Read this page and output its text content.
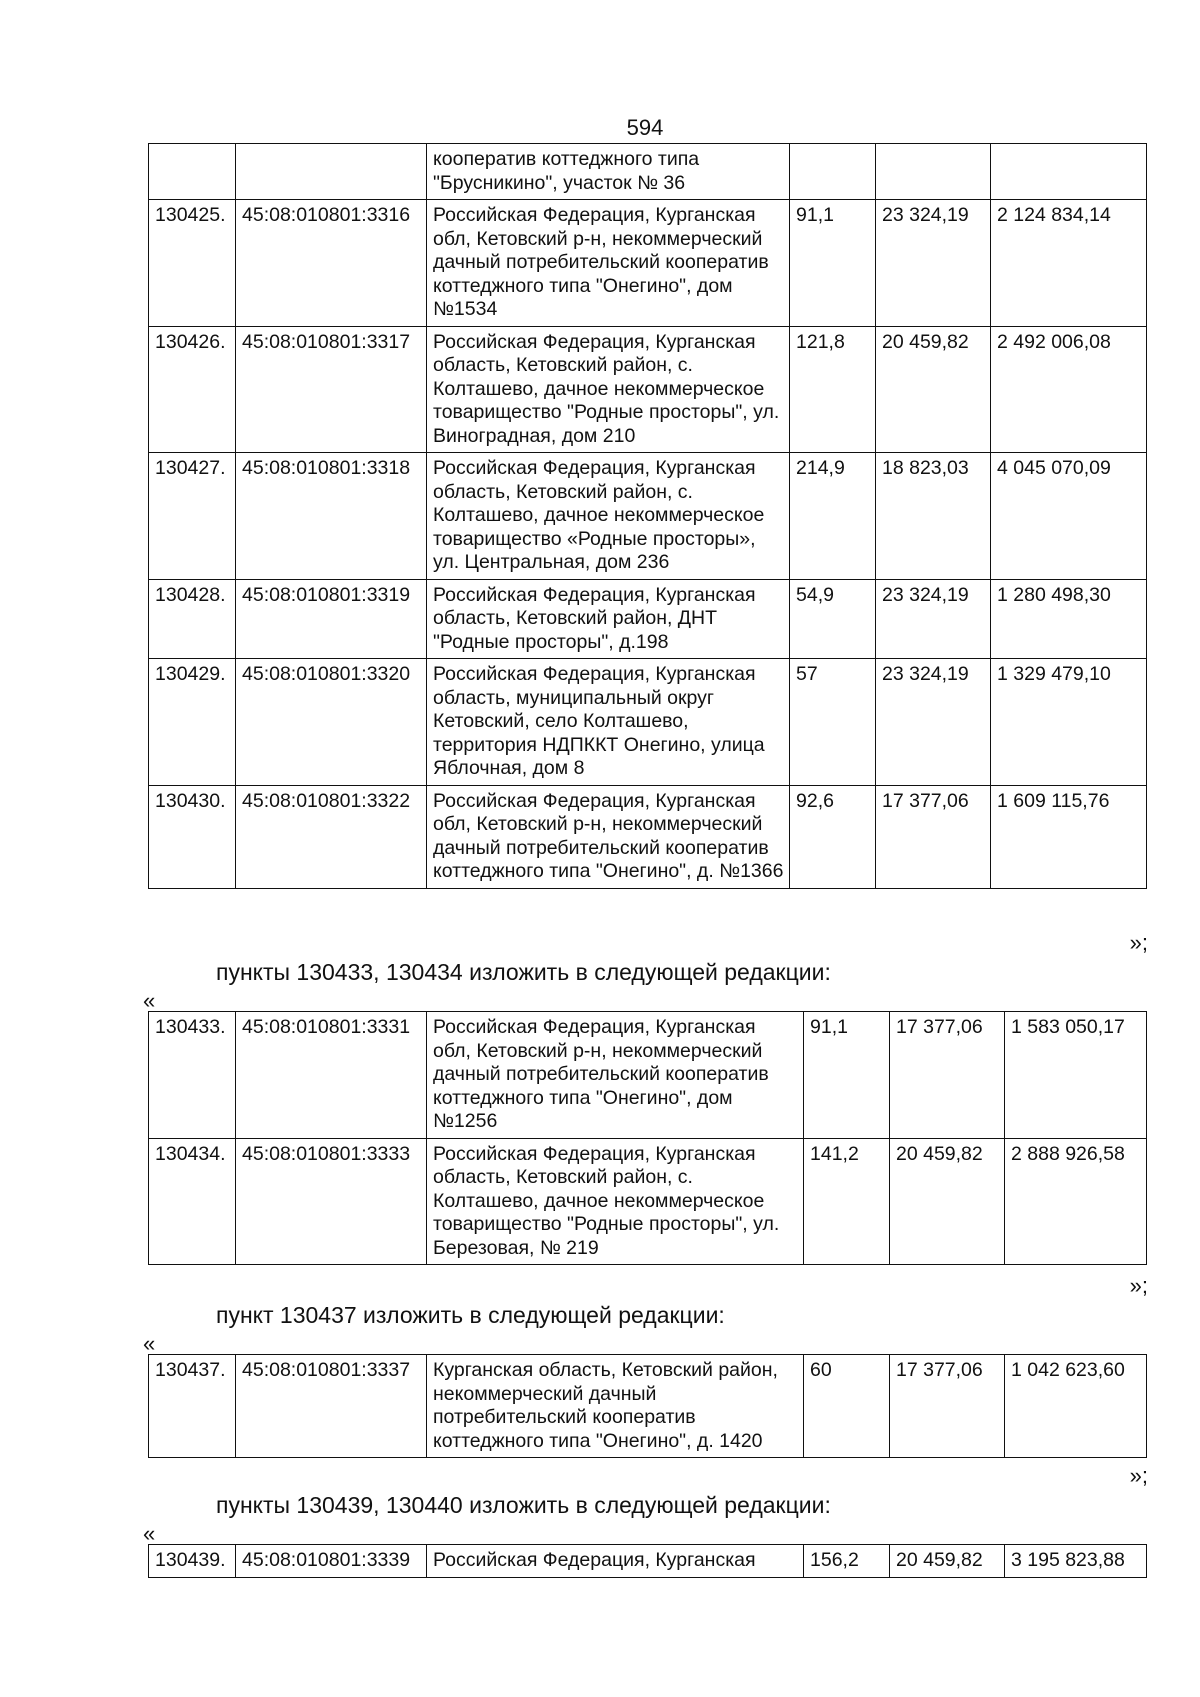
594
		кооператив коттеджного типа "Брусникино", участок № 36			
130425.	45:08:010801:3316	Российская Федерация, Курганская обл, Кетовский р-н, некоммерческий дачный потребительский кооператив коттеджного типа "Онегино", дом №1534	91,1	23 324,19	2 124 834,14
130426.	45:08:010801:3317	Российская Федерация, Курганская область, Кетовский район, с. Колташево, дачное некоммерческое товарищество "Родные просторы", ул. Виноградная, дом 210	121,8	20 459,82	2 492 006,08
130427.	45:08:010801:3318	Российская Федерация, Курганская область, Кетовский район, с. Колташево, дачное некоммерческое товарищество «Родные просторы», ул. Центральная, дом 236	214,9	18 823,03	4 045 070,09
130428.	45:08:010801:3319	Российская Федерация, Курганская область, Кетовский район, ДНТ "Родные просторы", д.198	54,9	23 324,19	1 280 498,30
130429.	45:08:010801:3320	Российская Федерация, Курганская область, муниципальный округ Кетовский, село Колташево, территория НДПККТ Онегино, улица Яблочная, дом 8	57	23 324,19	1 329 479,10
130430.	45:08:010801:3322	Российская Федерация, Курганская обл, Кетовский р-н, некоммерческий дачный потребительский кооператив коттеджного типа "Онегино", д. №1366	92,6	17 377,06	1 609 115,76
»;
пункты 130433, 130434 изложить в следующей редакции:
«
130433.	45:08:010801:3331	Российская Федерация, Курганская обл, Кетовский р-н, некоммерческий дачный потребительский кооператив коттеджного типа "Онегино", дом №1256	91,1	17 377,06	1 583 050,17
130434.	45:08:010801:3333	Российская Федерация, Курганская область, Кетовский район, с. Колташево, дачное некоммерческое товарищество "Родные просторы", ул. Березовая, № 219	141,2	20 459,82	2 888 926,58
»;
пункт 130437 изложить в следующей редакции:
«
130437.	45:08:010801:3337	Курганская область, Кетовский район, некоммерческий дачный потребительский кооператив коттеджного типа "Онегино", д. 1420	60	17 377,06	1 042 623,60
»;
пункты 130439, 130440 изложить в следующей редакции:
«
130439.	45:08:010801:3339	Российская Федерация, Курганская	156,2	20 459,82	3 195 823,88
